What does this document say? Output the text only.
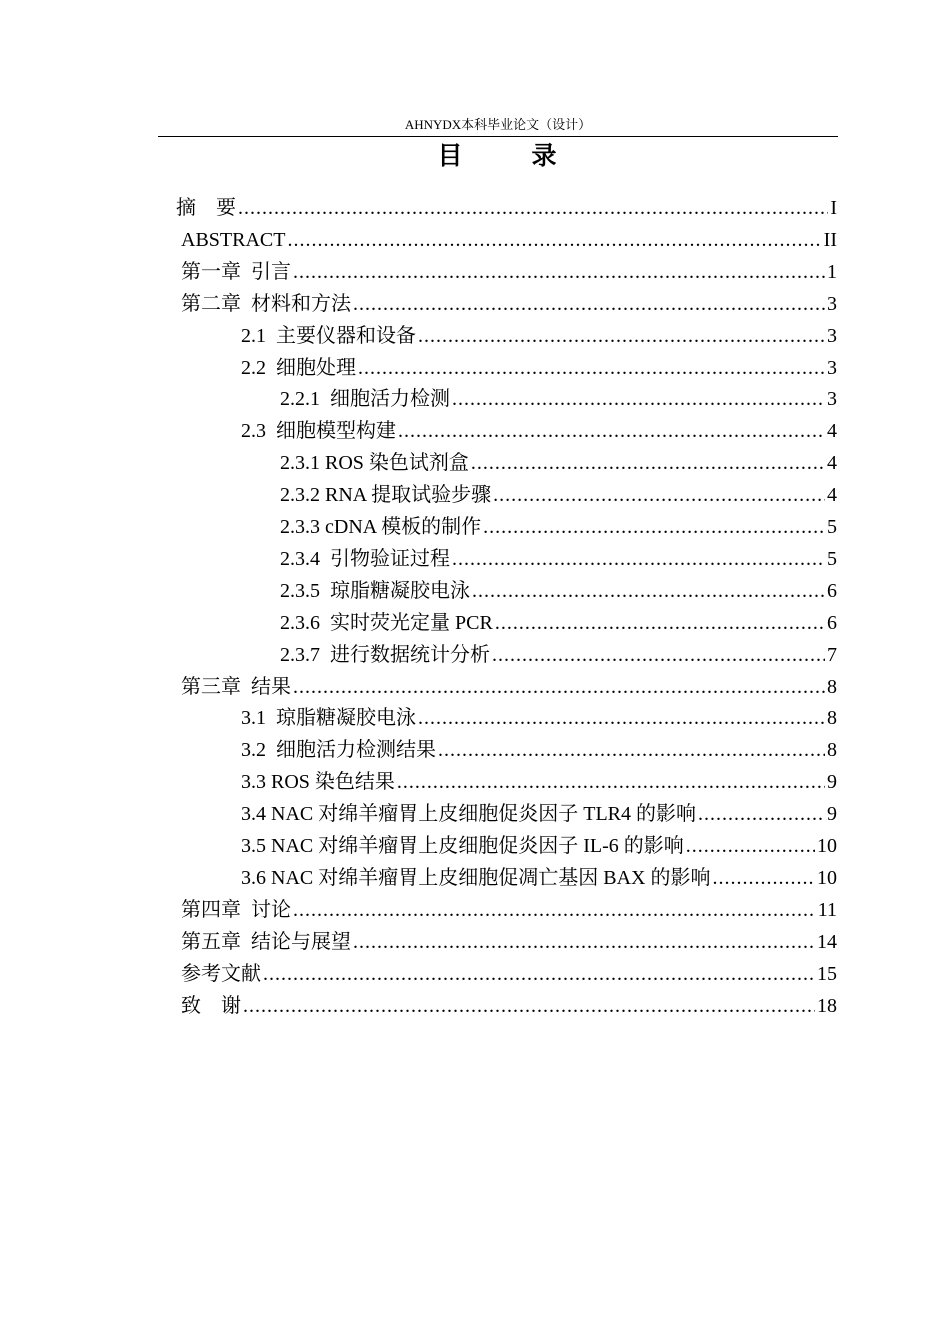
AHNYDX本科毕业论文（设计）
目　录
摘　要 .....	I
ABSTRACT .....	II
第一章  引言 .....	1
第二章  材料和方法 .....	3
2.1  主要仪器和设备 .....	3
2.2  细胞处理 .....	3
2.2.1  细胞活力检测 .....	3
2.3  细胞模型构建 .....	4
2.3.1 ROS 染色试剂盒 .....	4
2.3.2 RNA 提取试验步骤 .....	4
2.3.3 cDNA 模板的制作 .....	5
2.3.4  引物验证过程 .....	5
2.3.5  琼脂糖凝胶电泳 .....	6
2.3.6  实时荧光定量 PCR .....	6
2.3.7  进行数据统计分析 .....	7
第三章  结果 .....	8
3.1  琼脂糖凝胶电泳 .....	8
3.2  细胞活力检测结果 .....	8
3.3 ROS 染色结果 .....	9
3.4 NAC 对绵羊瘤胃上皮细胞促炎因子 TLR4 的影响 .....	9
3.5 NAC 对绵羊瘤胃上皮细胞促炎因子 IL-6 的影响 .....	10
3.6 NAC 对绵羊瘤胃上皮细胞促凋亡基因 BAX 的影响 .....	10
第四章  讨论 .....	11
第五章  结论与展望 .....	14
参考文献 .....	15
致　谢 .....	18
